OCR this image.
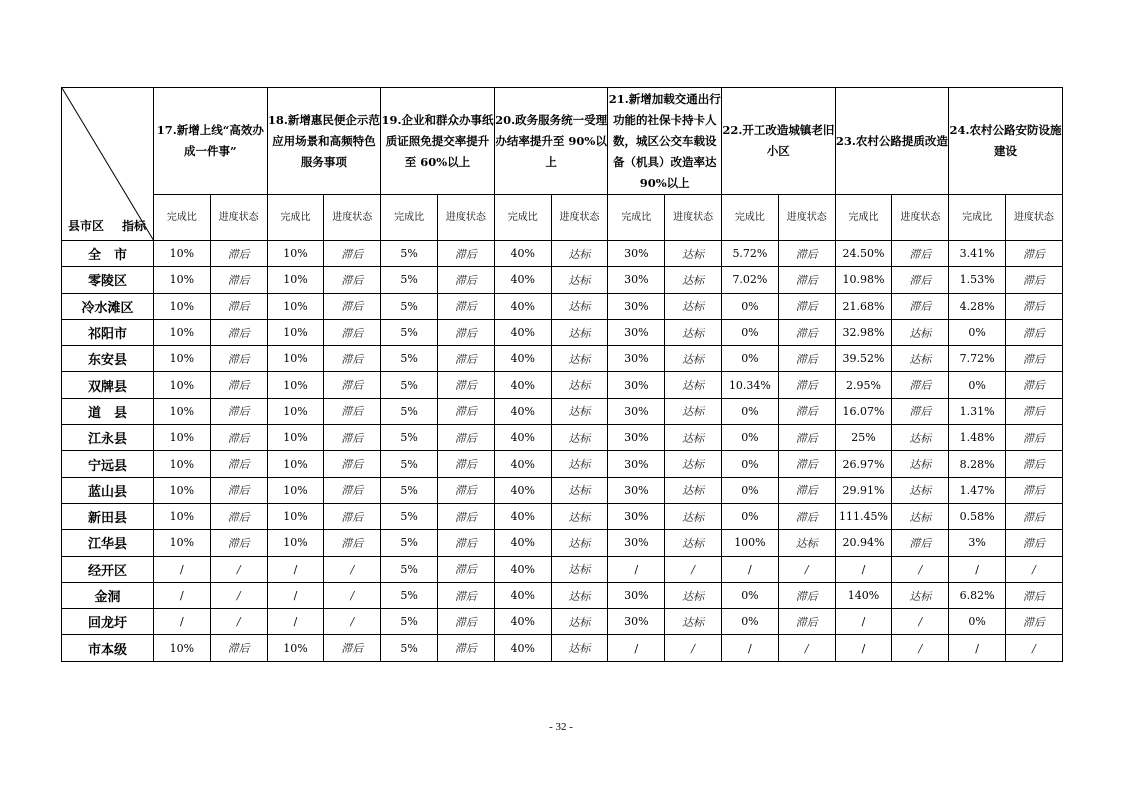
县市区 指标	17.新增上线“高效办成一件事”		18.新增惠民便企示范应用场景和高频特色服务事项		19.企业和群众办事纸质证照免提交率提升至 60%以上		20.政务服务统一受理办结率提升至 90%以上		21.新增加载交通出行功能的社保卡持卡人数，城区公交车载设备（机具）改造率达 90%以上		22.开工改造城镇老旧小区		23.农村公路提质改造		24.农村公路安防设施建设	
	完成比	进度状态	完成比	进度状态	完成比	进度状态	完成比	进度状态	完成比	进度状态	完成比	进度状态	完成比	进度状态	完成比	进度状态
全　市	10%	滞后	10%	滞后	5%	滞后	40%	达标	30%	达标	5.72%	滞后	24.50%	滞后	3.41%	滞后
零陵区	10%	滞后	10%	滞后	5%	滞后	40%	达标	30%	达标	7.02%	滞后	10.98%	滞后	1.53%	滞后
冷水滩区	10%	滞后	10%	滞后	5%	滞后	40%	达标	30%	达标	0%	滞后	21.68%	滞后	4.28%	滞后
祁阳市	10%	滞后	10%	滞后	5%	滞后	40%	达标	30%	达标	0%	滞后	32.98%	达标	0%	滞后
东安县	10%	滞后	10%	滞后	5%	滞后	40%	达标	30%	达标	0%	滞后	39.52%	达标	7.72%	滞后
双牌县	10%	滞后	10%	滞后	5%	滞后	40%	达标	30%	达标	10.34%	滞后	2.95%	滞后	0%	滞后
道　县	10%	滞后	10%	滞后	5%	滞后	40%	达标	30%	达标	0%	滞后	16.07%	滞后	1.31%	滞后
江永县	10%	滞后	10%	滞后	5%	滞后	40%	达标	30%	达标	0%	滞后	25%	达标	1.48%	滞后
宁远县	10%	滞后	10%	滞后	5%	滞后	40%	达标	30%	达标	0%	滞后	26.97%	达标	8.28%	滞后
蓝山县	10%	滞后	10%	滞后	5%	滞后	40%	达标	30%	达标	0%	滞后	29.91%	达标	1.47%	滞后
新田县	10%	滞后	10%	滞后	5%	滞后	40%	达标	30%	达标	0%	滞后	111.45%	达标	0.58%	滞后
江华县	10%	滞后	10%	滞后	5%	滞后	40%	达标	30%	达标	100%	达标	20.94%	滞后	3%	滞后
经开区	/	/	/	/	5%	滞后	40%	达标	/	/	/	/	/	/	/	/
金洞	/	/	/	/	5%	滞后	40%	达标	30%	达标	0%	滞后	140%	达标	6.82%	滞后
回龙圩	/	/	/	/	5%	滞后	40%	达标	30%	达标	0%	滞后	/	/	0%	滞后
市本级	10%	滞后	10%	滞后	5%	滞后	40%	达标	/	/	/	/	/	/	/	/
- 32 -
